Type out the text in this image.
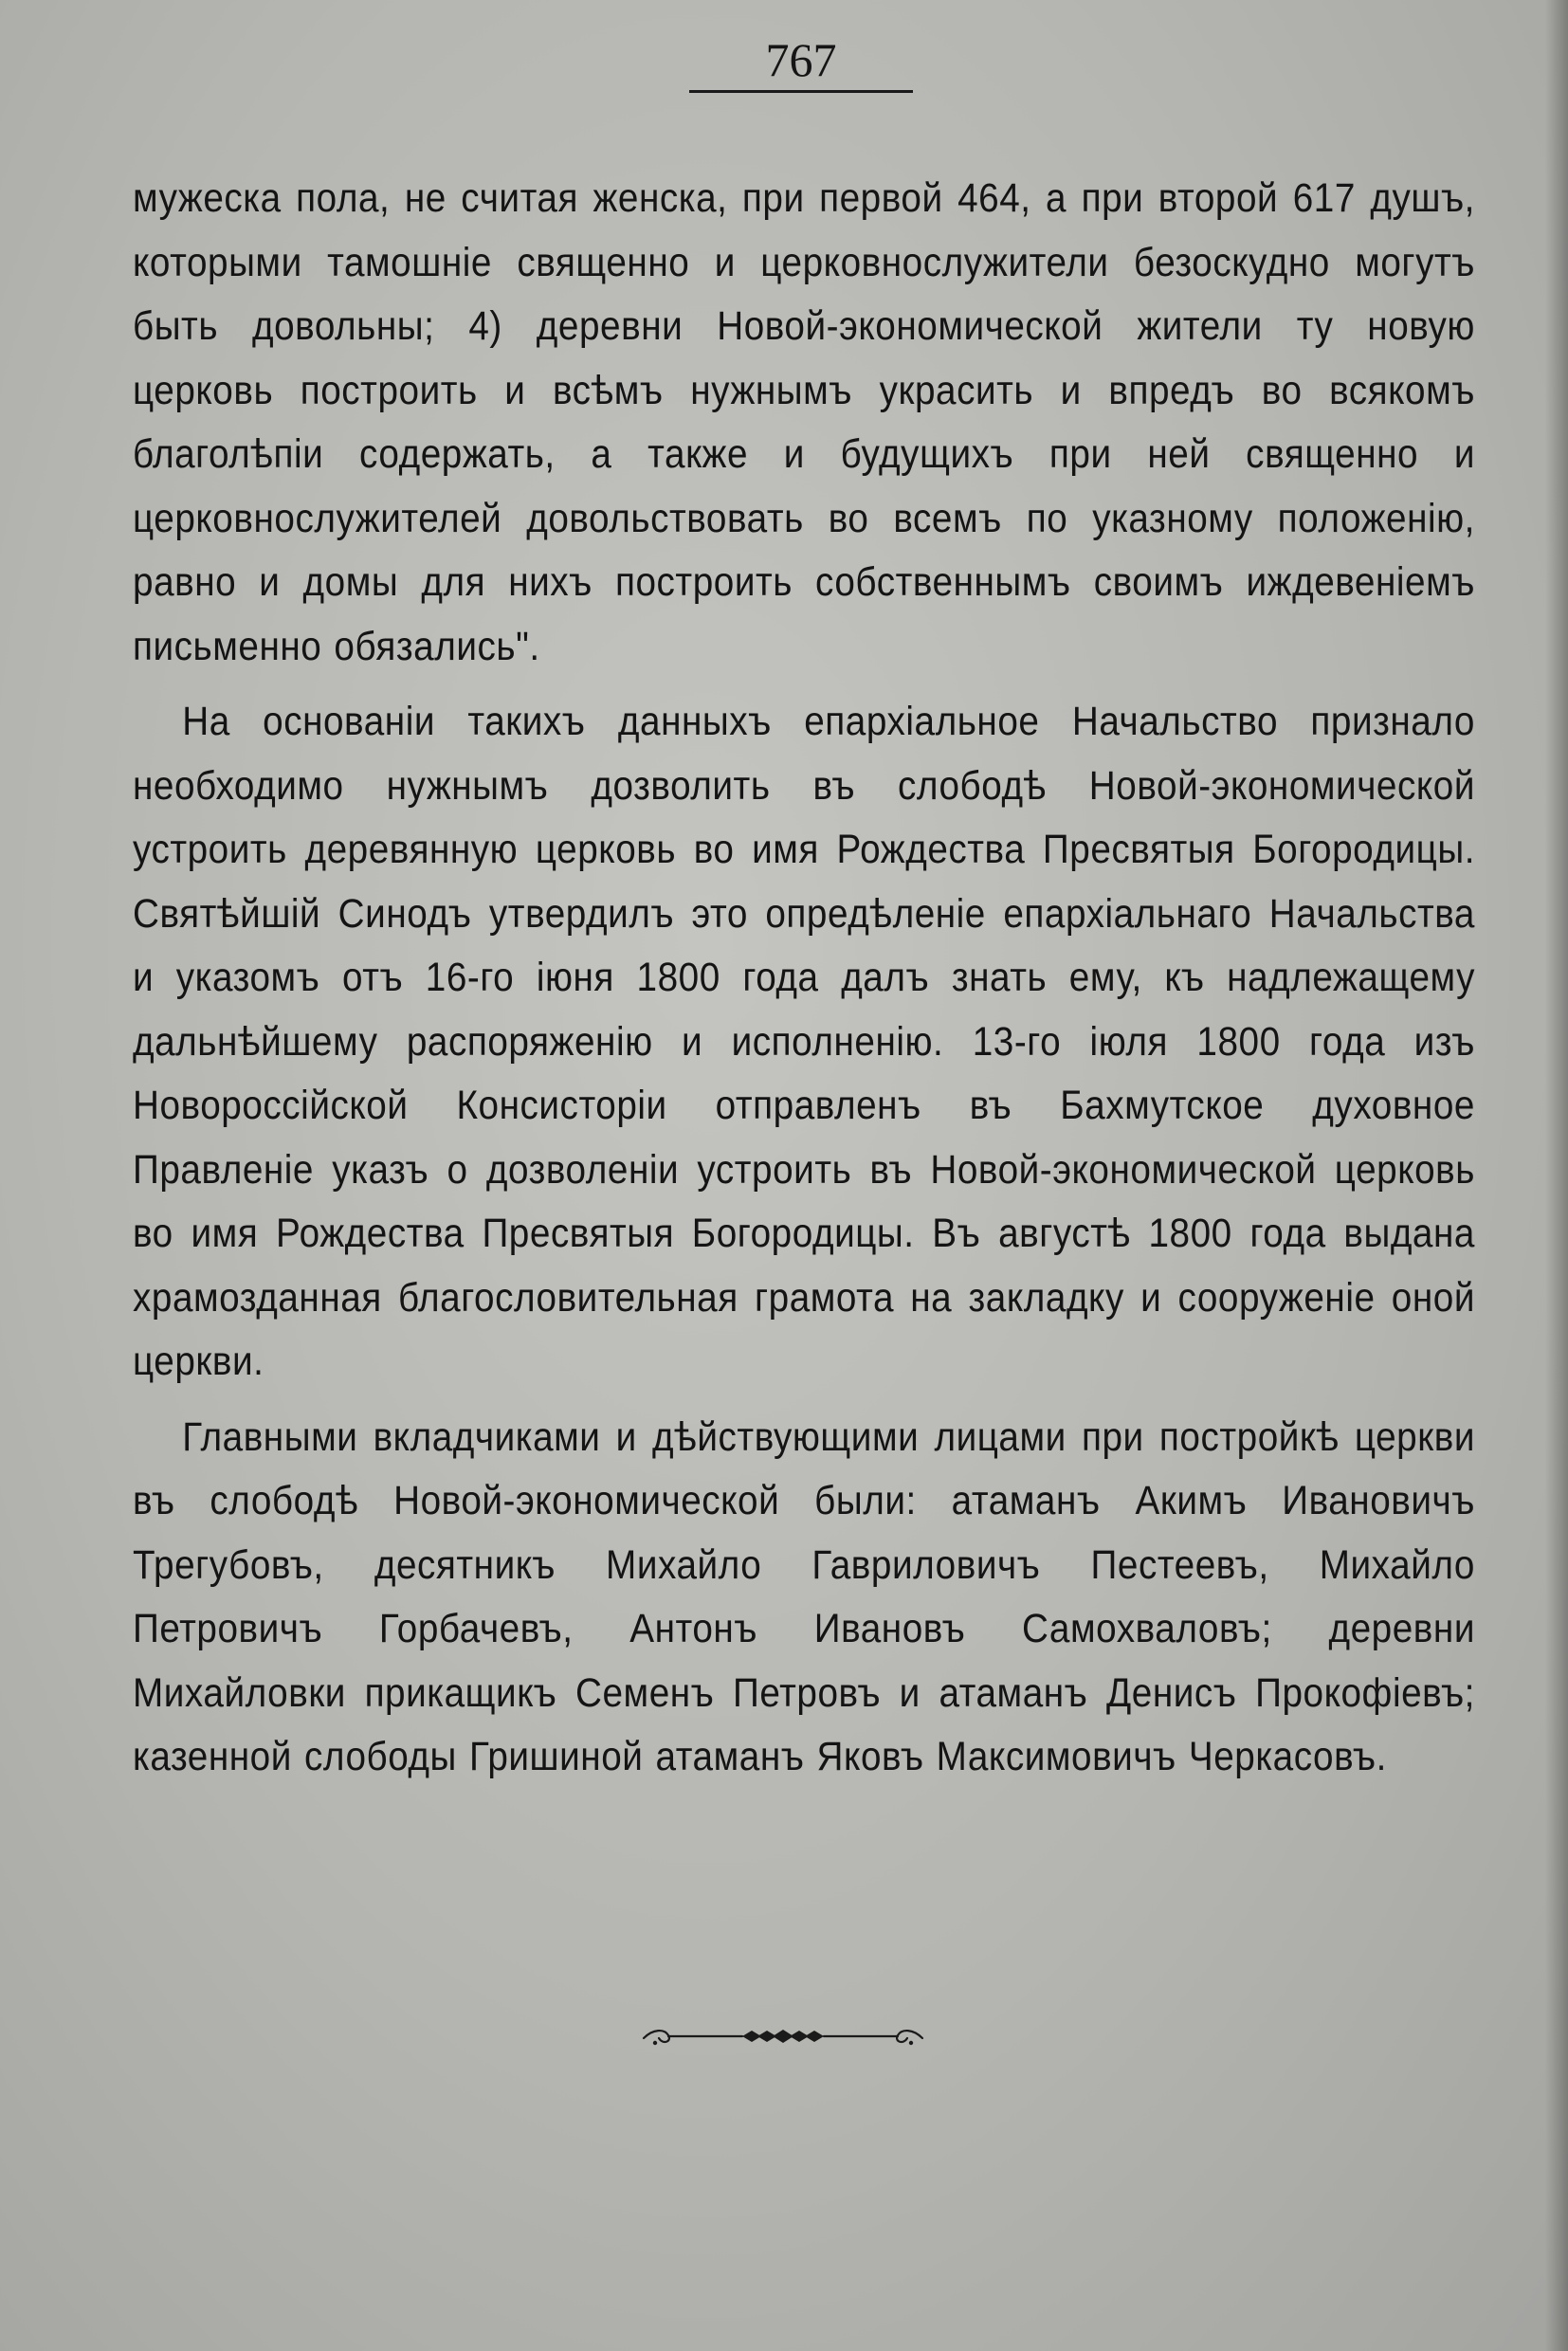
767

мужеска пола, не считая женска, при первой 464, а при второй 617 душъ, которыми тамошніе священно и церковнослужители безоскудно могутъ быть довольны; 4) деревни Новой-экономической жители ту новую церковь построить и всѣмъ нужнымъ украсить и впредъ во всякомъ благолѣпіи содержать, а также и будущихъ при ней священно и церковнослужителей довольствовать во всемъ по указному положенію, равно и домы для нихъ построить собственнымъ своимъ иждевеніемъ письменно обязались".

На основаніи такихъ данныхъ епархіальное Начальство признало необходимо нужнымъ дозволить въ слободѣ Новой-экономической устроить деревянную церковь во имя Рождества Пресвятыя Богородицы. Святѣйшій Синодъ утвердилъ это опредѣленіе епархіальнаго Начальства и указомъ отъ 16-го іюня 1800 года далъ знать ему, къ надлежащему дальнѣйшему распоряженію и исполненію. 13-го іюля 1800 года изъ Новороссійской Консисторіи отправленъ въ Бахмутское духовное Правленіе указъ о дозволеніи устроить въ Новой-экономической церковь во имя Рождества Пресвятыя Богородицы. Въ августѣ 1800 года выдана храмозданная благословительная грамота на закладку и сооруженіе оной церкви.

Главными вкладчиками и дѣйствующими лицами при постройкѣ церкви въ слободѣ Новой-экономической были: атаманъ Акимъ Ивановичъ Трегубовъ, десятникъ Михайло Гавриловичъ Пестеевъ, Михайло Петровичъ Горбачевъ, Антонъ Ивановъ Самохваловъ; деревни Михайловки прикащикъ Семенъ Петровъ и атаманъ Денисъ Прокофіевъ; казенной слободы Гришиной атаманъ Яковъ Максимовичъ Черкасовъ.
